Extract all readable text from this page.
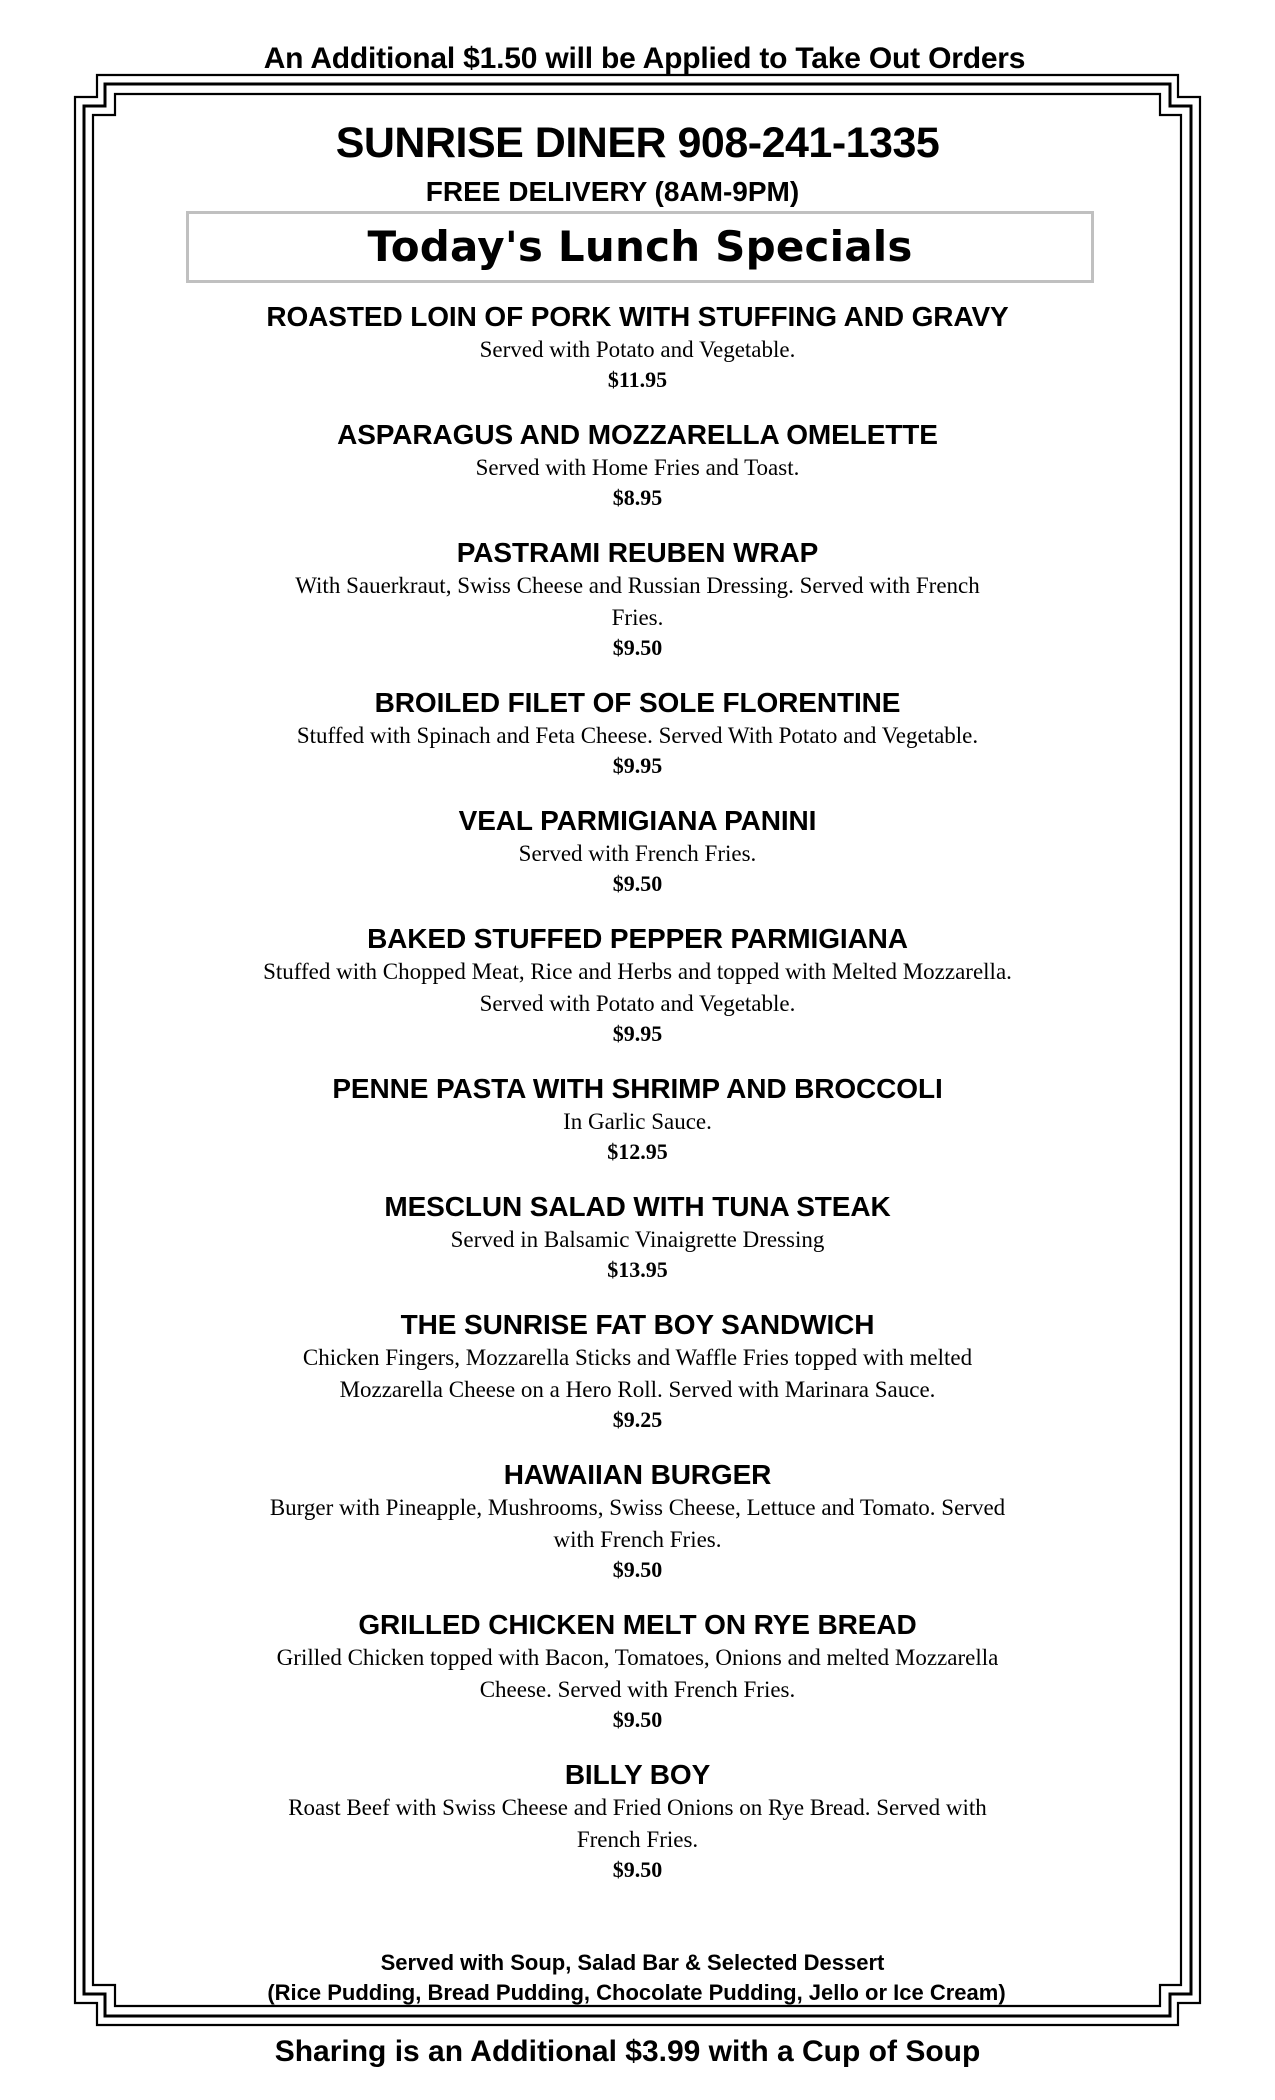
An Additional $1.50 will be Applied to Take Out Orders
SUNRISE DINER 908-241-1335
FREE DELIVERY (8AM-9PM)
Today's Lunch Specials
ROASTED LOIN OF PORK WITH STUFFING AND GRAVY
Served with Potato and Vegetable.
$11.95
ASPARAGUS AND MOZZARELLA OMELETTE
Served with Home Fries and Toast.
$8.95
PASTRAMI REUBEN WRAP
With Sauerkraut, Swiss Cheese and Russian Dressing. Served with French
Fries.
$9.50
BROILED FILET OF SOLE FLORENTINE
Stuffed with Spinach and Feta Cheese. Served With Potato and Vegetable.
$9.95
VEAL PARMIGIANA PANINI
Served with French Fries.
$9.50
BAKED STUFFED PEPPER PARMIGIANA
Stuffed with Chopped Meat, Rice and Herbs and topped with Melted Mozzarella.
Served with Potato and Vegetable.
$9.95
PENNE PASTA WITH SHRIMP AND BROCCOLI
In Garlic Sauce.
$12.95
MESCLUN SALAD WITH TUNA STEAK
Served in Balsamic Vinaigrette Dressing
$13.95
THE SUNRISE FAT BOY SANDWICH
Chicken Fingers, Mozzarella Sticks and Waffle Fries topped with melted
Mozzarella Cheese on a Hero Roll. Served with Marinara Sauce.
$9.25
HAWAIIAN BURGER
Burger with Pineapple, Mushrooms, Swiss Cheese, Lettuce and Tomato. Served
with French Fries.
$9.50
GRILLED CHICKEN MELT ON RYE BREAD
Grilled Chicken topped with Bacon, Tomatoes, Onions and melted Mozzarella
Cheese. Served with French Fries.
$9.50
BILLY BOY
Roast Beef with Swiss Cheese and Fried Onions on Rye Bread. Served with
French Fries.
$9.50
Served with Soup, Salad Bar & Selected Dessert
(Rice Pudding, Bread Pudding, Chocolate Pudding, Jello or Ice Cream)
Sharing is an Additional $3.99 with a Cup of Soup
